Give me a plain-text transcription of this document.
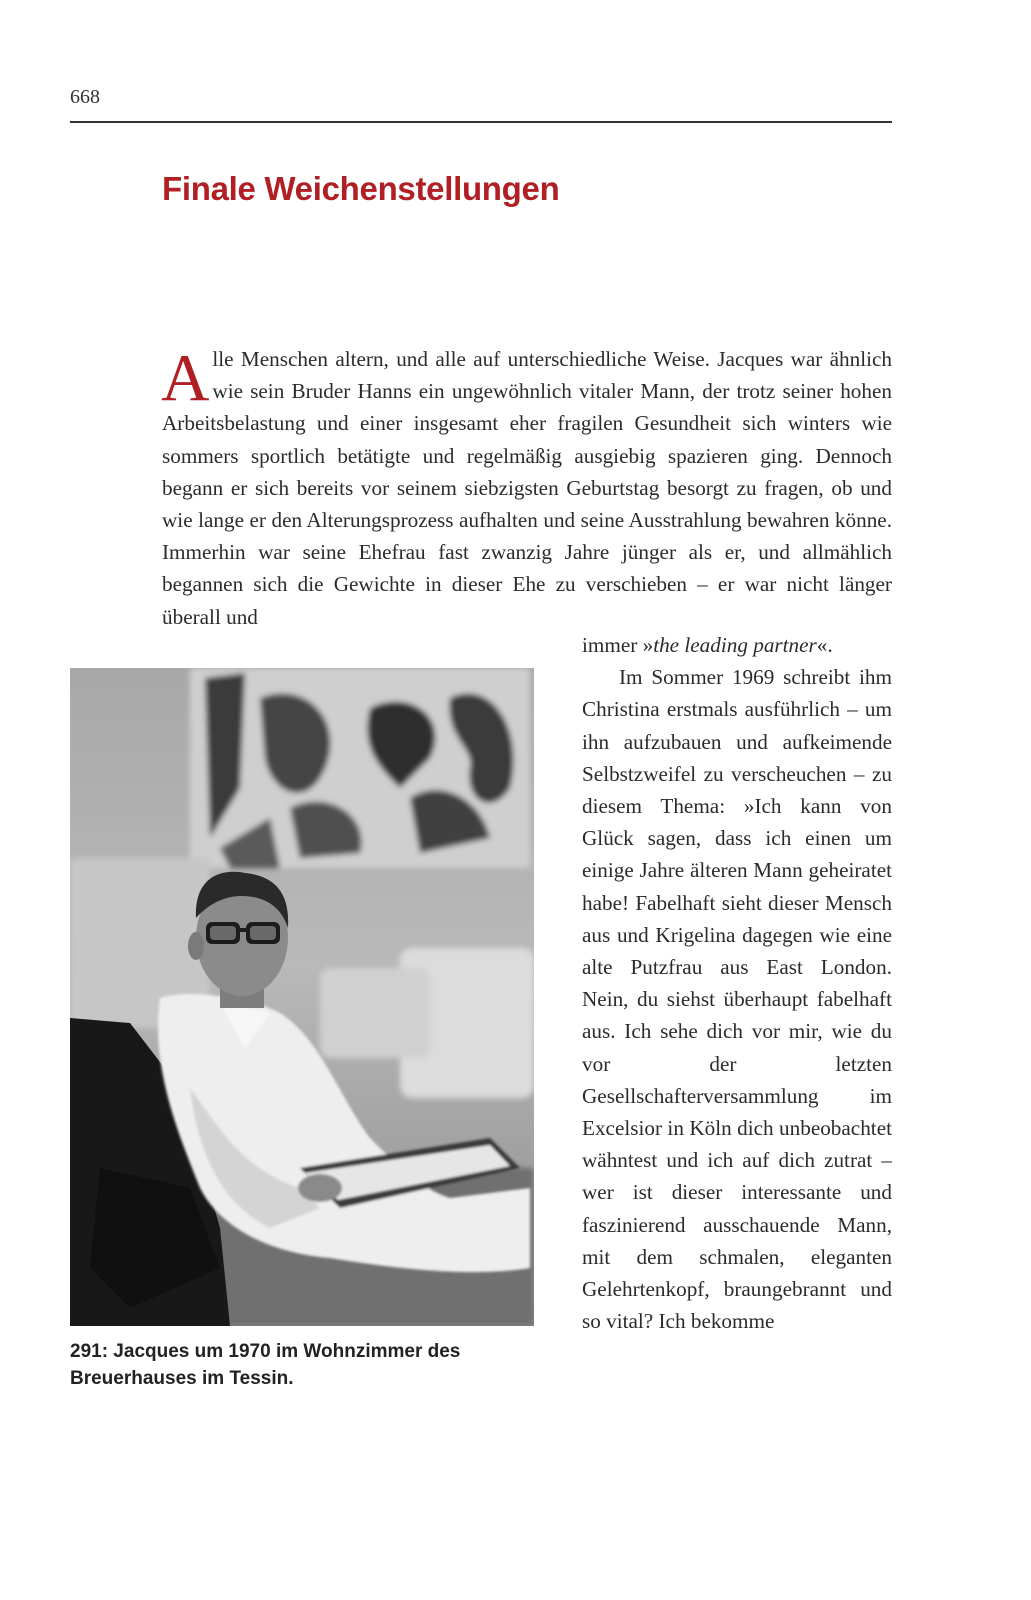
668
Finale Weichenstellungen

Alle Menschen altern, und alle auf unterschiedliche Weise. Jacques war ähnlich wie sein Bruder Hanns ein ungewöhnlich vitaler Mann, der trotz seiner hohen Arbeitsbelastung und einer insgesamt eher fragilen Gesundheit sich winters wie sommers sportlich betätigte und regelmäßig ausgiebig spazieren ging. Dennoch begann er sich bereits vor seinem siebzigsten Geburtstag besorgt zu fragen, ob und wie lange er den Alterungsprozess aufhalten und seine Ausstrahlung bewahren könne. Immerhin war seine Ehefrau fast zwanzig Jahre jünger als er, und allmählich begannen sich die Gewichte in dieser Ehe zu verschieben – er war nicht länger überall und

291: Jacques um 1970 im Wohnzimmer des Breuerhauses im Tessin.

immer »the leading partner«.

Im Sommer 1969 schreibt ihm Christina erstmals ausführlich – um ihn aufzubauen und aufkeimende Selbstzweifel zu verscheuchen – zu diesem Thema: »Ich kann von Glück sagen, dass ich einen um einige Jahre älteren Mann geheiratet habe! Fabelhaft sieht dieser Mensch aus und Krigelina dagegen wie eine alte Putzfrau aus East London. Nein, du siehst überhaupt fabelhaft aus. Ich sehe dich vor mir, wie du vor der letzten Gesellschafterversammlung im Excelsior in Köln dich unbeobachtet wähntest und ich auf dich zutrat – wer ist dieser interessante und faszinierend ausschauende Mann, mit dem schmalen, eleganten Gelehrtenkopf, braungebrannt und so vital? Ich bekomme
